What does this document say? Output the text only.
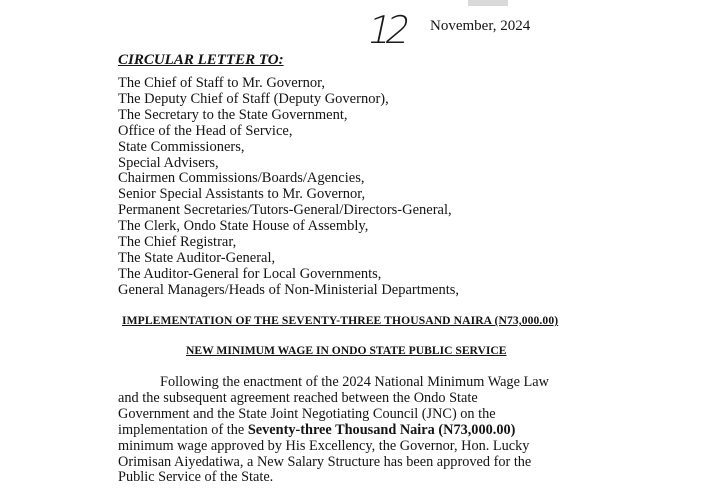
12 November, 2024
CIRCULAR LETTER TO:
The Chief of Staff to Mr. Governor,
The Deputy Chief of Staff (Deputy Governor),
The Secretary to the State Government,
Office of the Head of Service,
State Commissioners,
Special Advisers,
Chairmen Commissions/Boards/Agencies,
Senior Special Assistants to Mr. Governor,
Permanent Secretaries/Tutors-General/Directors-General,
The Clerk, Ondo State House of Assembly,
The Chief Registrar,
The State Auditor-General,
The Auditor-General for Local Governments,
General Managers/Heads of Non-Ministerial Departments,
IMPLEMENTATION OF THE SEVENTY-THREE THOUSAND NAIRA (N73,000.00)
NEW MINIMUM WAGE IN ONDO STATE PUBLIC SERVICE

Following the enactment of the 2024 National Minimum Wage Law
and the subsequent agreement reached between the Ondo State
Government and the State Joint Negotiating Council (JNC) on the
implementation of the Seventy-three Thousand Naira (N73,000.00)
minimum wage approved by His Excellency, the Governor, Hon. Lucky
Orimisan Aiyedatiwa, a New Salary Structure has been approved for the
Public Service of the State.
